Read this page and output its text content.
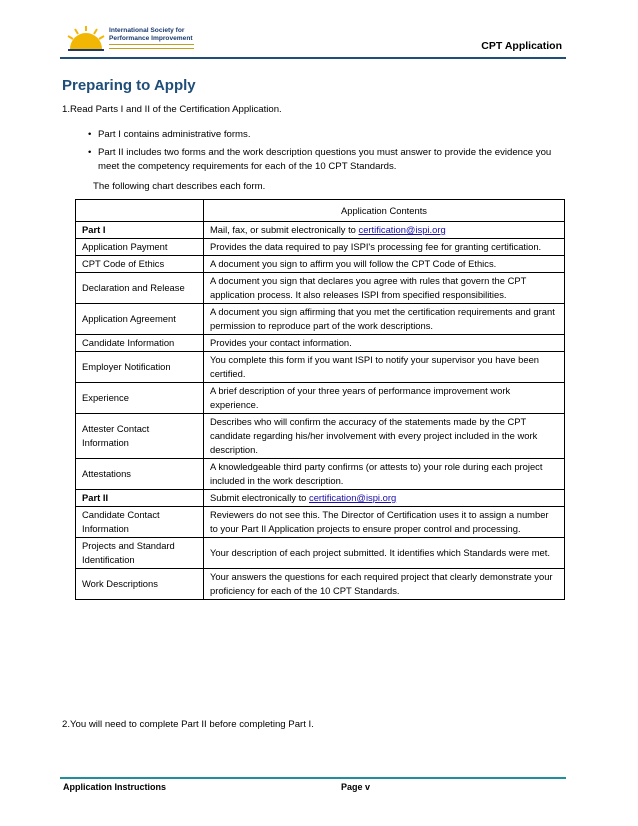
International Society for
Performance Improvement
CPT Application
Preparing to Apply
1.Read Parts I and II of the Certification Application.
• Part I contains administrative forms.
• Part II includes two forms and the work description questions you must answer to provide the evidence you meet the competency requirements for each of the 10 CPT Standards.
The following chart describes each form.
	Application Contents
Part I	Mail, fax, or submit electronically to certification@ispi.org
Application Payment	Provides the data required to pay ISPI's processing fee for granting certification.
CPT Code of Ethics	A document you sign to affirm you will follow the CPT Code of Ethics.
Declaration and Release	A document you sign that declares you agree with rules that govern the CPT application process. It also releases ISPI from specified responsibilities.
Application Agreement	A document you sign affirming that you met the certification requirements and grant permission to reproduce part of the work descriptions.
Candidate Information	Provides your contact information.
Employer Notification	You complete this form if you want ISPI to notify your supervisor you have been certified.
Experience	A brief description of your three years of performance improvement work experience.
Attester Contact Information	Describes who will confirm the accuracy of the statements made by the CPT candidate regarding his/her involvement with every project included in the work description.
Attestations	A knowledgeable third party confirms (or attests to) your role during each project included in the work description.
Part II	Submit electronically to certification@ispi.org
Candidate Contact Information	Reviewers do not see this. The Director of Certification uses it to assign a number to your Part II Application projects to ensure proper control and processing.
Projects and Standard Identification	Your description of each project submitted. It identifies which Standards were met.
Work Descriptions	Your answers the questions for each required project that clearly demonstrate your proficiency for each of the 10 CPT Standards.
2.You will need to complete Part II before completing Part I.
Application Instructions	Page v
